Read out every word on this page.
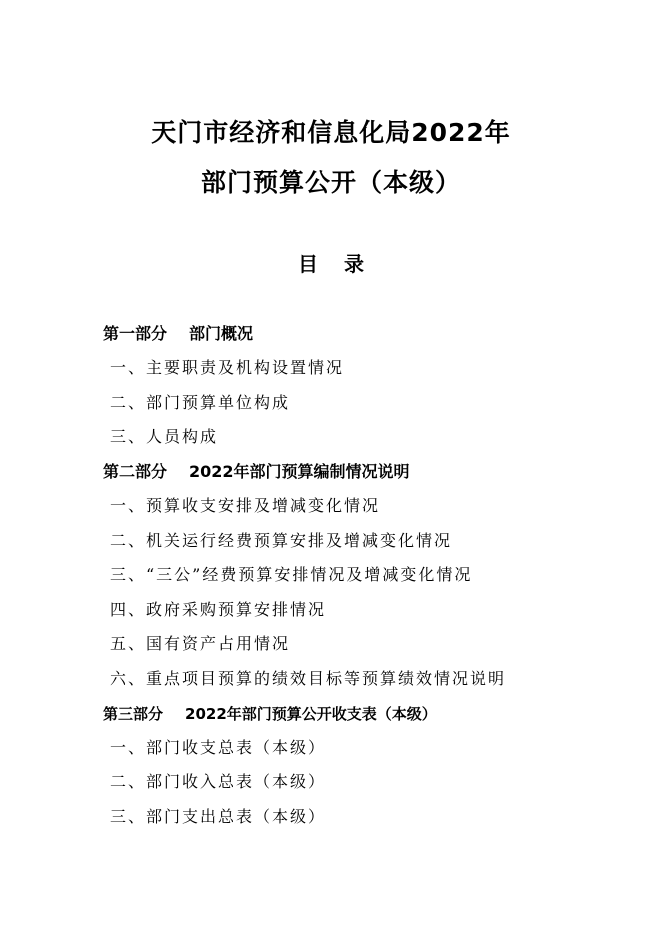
天门市经济和信息化局2022年
部门预算公开（本级）
目 录
第一部分 部门概况
一、主要职责及机构设置情况
二、部门预算单位构成
三、人员构成
第二部分 2022年部门预算编制情况说明
一、预算收支安排及增减变化情况
二、机关运行经费预算安排及增减变化情况
三、“三公”经费预算安排情况及增减变化情况
四、政府采购预算安排情况
五、国有资产占用情况
六、重点项目预算的绩效目标等预算绩效情况说明
第三部分 2022年部门预算公开收支表（本级）
一、部门收支总表（本级）
二、部门收入总表（本级）
三、部门支出总表（本级）
